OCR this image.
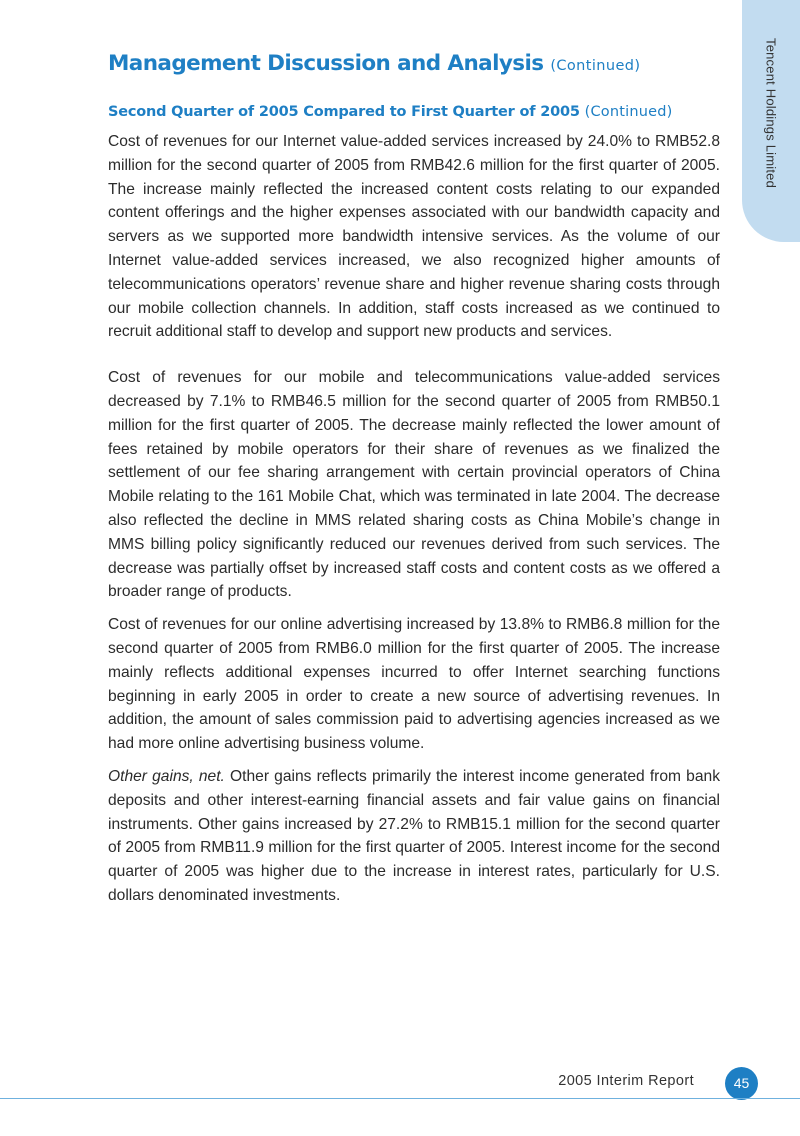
Tencent Holdings Limited
Management Discussion and Analysis (Continued)
Second Quarter of 2005 Compared to First Quarter of 2005 (Continued)

Cost of revenues for our Internet value-added services increased by 24.0% to RMB52.8 million for the second quarter of 2005 from RMB42.6 million for the first quarter of 2005. The increase mainly reflected the increased content costs relating to our expanded content offerings and the higher expenses associated with our bandwidth capacity and servers as we supported more bandwidth intensive services. As the volume of our Internet value-added services increased, we also recognized higher amounts of telecommunications operators’ revenue share and higher revenue sharing costs through our mobile collection channels. In addition, staff costs increased as we continued to recruit additional staff to develop and support new products and services.

Cost of revenues for our mobile and telecommunications value-added services decreased by 7.1% to RMB46.5 million for the second quarter of 2005 from RMB50.1 million for the first quarter of 2005. The decrease mainly reflected the lower amount of fees retained by mobile operators for their share of revenues as we finalized the settlement of our fee sharing arrangement with certain provincial operators of China Mobile relating to the 161 Mobile Chat, which was terminated in late 2004. The decrease also reflected the decline in MMS related sharing costs as China Mobile’s change in MMS billing policy significantly reduced our revenues derived from such services. The decrease was partially offset by increased staff costs and content costs as we offered a broader range of products.

Cost of revenues for our online advertising increased by 13.8% to RMB6.8 million for the second quarter of 2005 from RMB6.0 million for the first quarter of 2005. The increase mainly reflects additional expenses incurred to offer Internet searching functions beginning in early 2005 in order to create a new source of advertising revenues. In addition, the amount of sales commission paid to advertising agencies increased as we had more online advertising business volume.

Other gains, net. Other gains reflects primarily the interest income generated from bank deposits and other interest-earning financial assets and fair value gains on financial instruments. Other gains increased by 27.2% to RMB15.1 million for the second quarter of 2005 from RMB11.9 million for the first quarter of 2005. Interest income for the second quarter of 2005 was higher due to the increase in interest rates, particularly for U.S. dollars denominated investments.

2005 Interim Report	45
